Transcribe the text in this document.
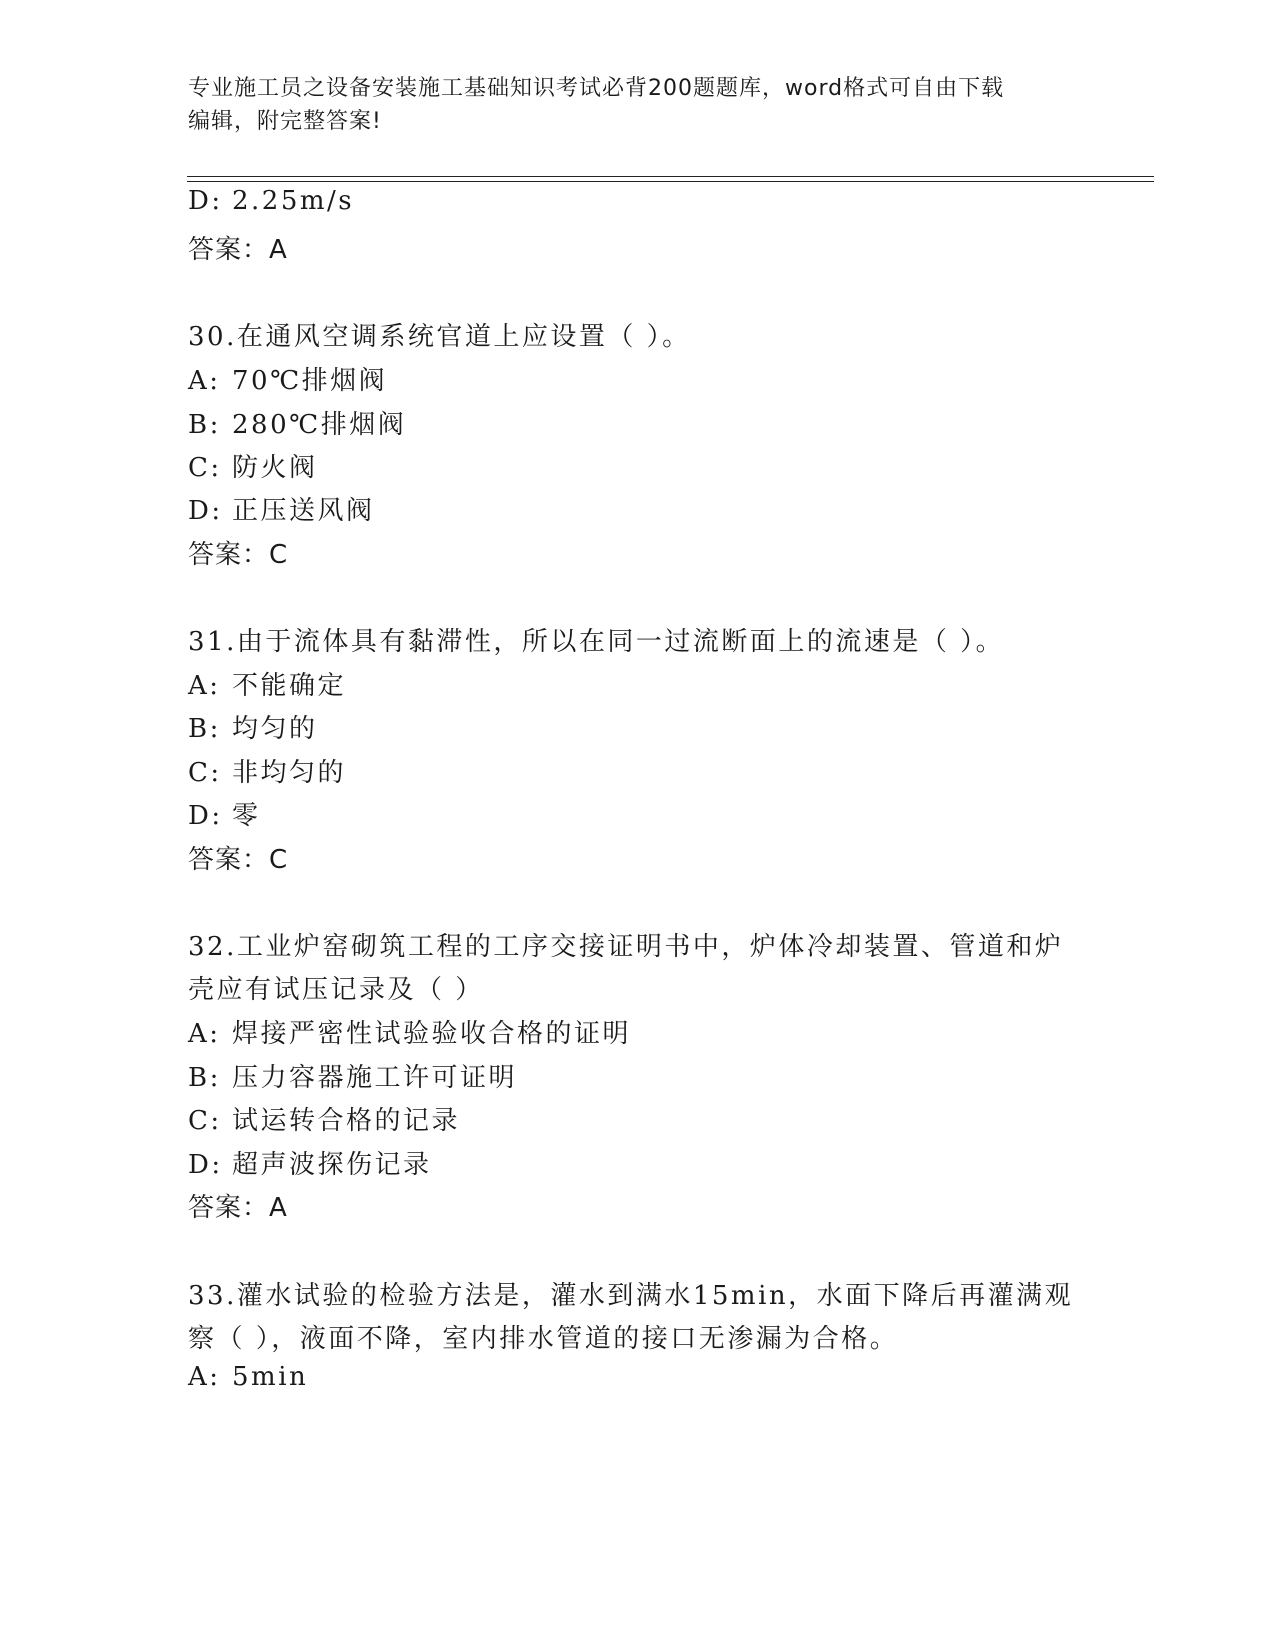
专业施工员之设备安装施工基础知识考试必背200题题库，word格式可自由下载
编辑，附完整答案!
D: 2.25m/s
答案：A
30.在通风空调系统官道上应设置（ ）。
A: 70℃排烟阀
B: 280℃排烟阀
C: 防火阀
D: 正压送风阀
答案：C
31.由于流体具有黏滞性，所以在同一过流断面上的流速是（ ）。
A: 不能确定
B: 均匀的
C: 非均匀的
D: 零
答案：C
32.工业炉窑砌筑工程的工序交接证明书中，炉体冷却装置、管道和炉
壳应有试压记录及（ ）
A: 焊接严密性试验验收合格的证明
B: 压力容器施工许可证明
C: 试运转合格的记录
D: 超声波探伤记录
答案：A
33.灌水试验的检验方法是，灌水到满水15min，水面下降后再灌满观
察（ ），液面不降，室内排水管道的接口无渗漏为合格。
A: 5min
